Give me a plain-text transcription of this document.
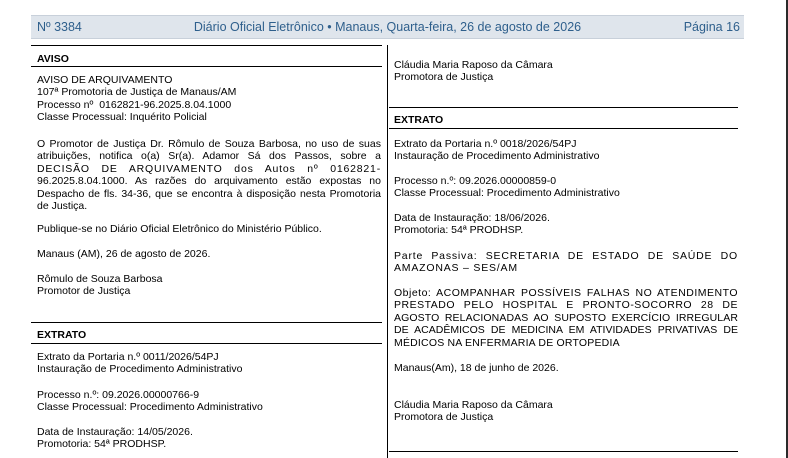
Nº 3384	Diário Oficial Eletrônico • Manaus, Quarta-feira, 26 de agosto de 2026	Página 16
AVISO
AVISO DE ARQUIVAMENTO
107ª Promotoria de Justiça de Manaus/AM
Processo nº  0162821-96.2025.8.04.1000
Classe Processual: Inquérito Policial
O Promotor de Justiça Dr. Rômulo de Souza Barbosa, no uso de suas
atribuições, notifica o(a) Sr(a). Adamor Sá dos Passos, sobre a
DECISÃO DE ARQUIVAMENTO dos Autos nº 0162821-
96.2025.8.04.1000. As razões do arquivamento estão expostas no
Despacho de fls. 34-36, que se encontra à disposição nesta Promotoria
de Justiça.
Publique-se no Diário Oficial Eletrônico do Ministério Público.
Manaus (AM), 26 de agosto de 2026.
Rômulo de Souza Barbosa
Promotor de Justiça
EXTRATO
Extrato da Portaria n.º 0011/2026/54PJ
Instauração de Procedimento Administrativo
Processo n.º: 09.2026.00000766-9
Classe Processual: Procedimento Administrativo
Data de Instauração: 14/05/2026.
Promotoria: 54ª PRODHSP.
Cláudia Maria Raposo da Câmara
Promotora de Justiça
EXTRATO
Extrato da Portaria n.º 0018/2026/54PJ
Instauração de Procedimento Administrativo
Processo n.º: 09.2026.00000859-0
Classe Processual: Procedimento Administrativo
Data de Instauração: 18/06/2026.
Promotoria: 54ª PRODHSP.
Parte Passiva: SECRETARIA DE ESTADO DE SAÚDE DO
AMAZONAS – SES/AM
Objeto: ACOMPANHAR POSSÍVEIS FALHAS NO ATENDIMENTO
PRESTADO PELO HOSPITAL E PRONTO-SOCORRO 28 DE
AGOSTO RELACIONADAS AO SUPOSTO EXERCÍCIO IRREGULAR
DE ACADÊMICOS DE MEDICINA EM ATIVIDADES PRIVATIVAS DE
MÉDICOS NA ENFERMARIA DE ORTOPEDIA
Manaus(Am), 18 de junho de 2026.
Cláudia Maria Raposo da Câmara
Promotora de Justiça
